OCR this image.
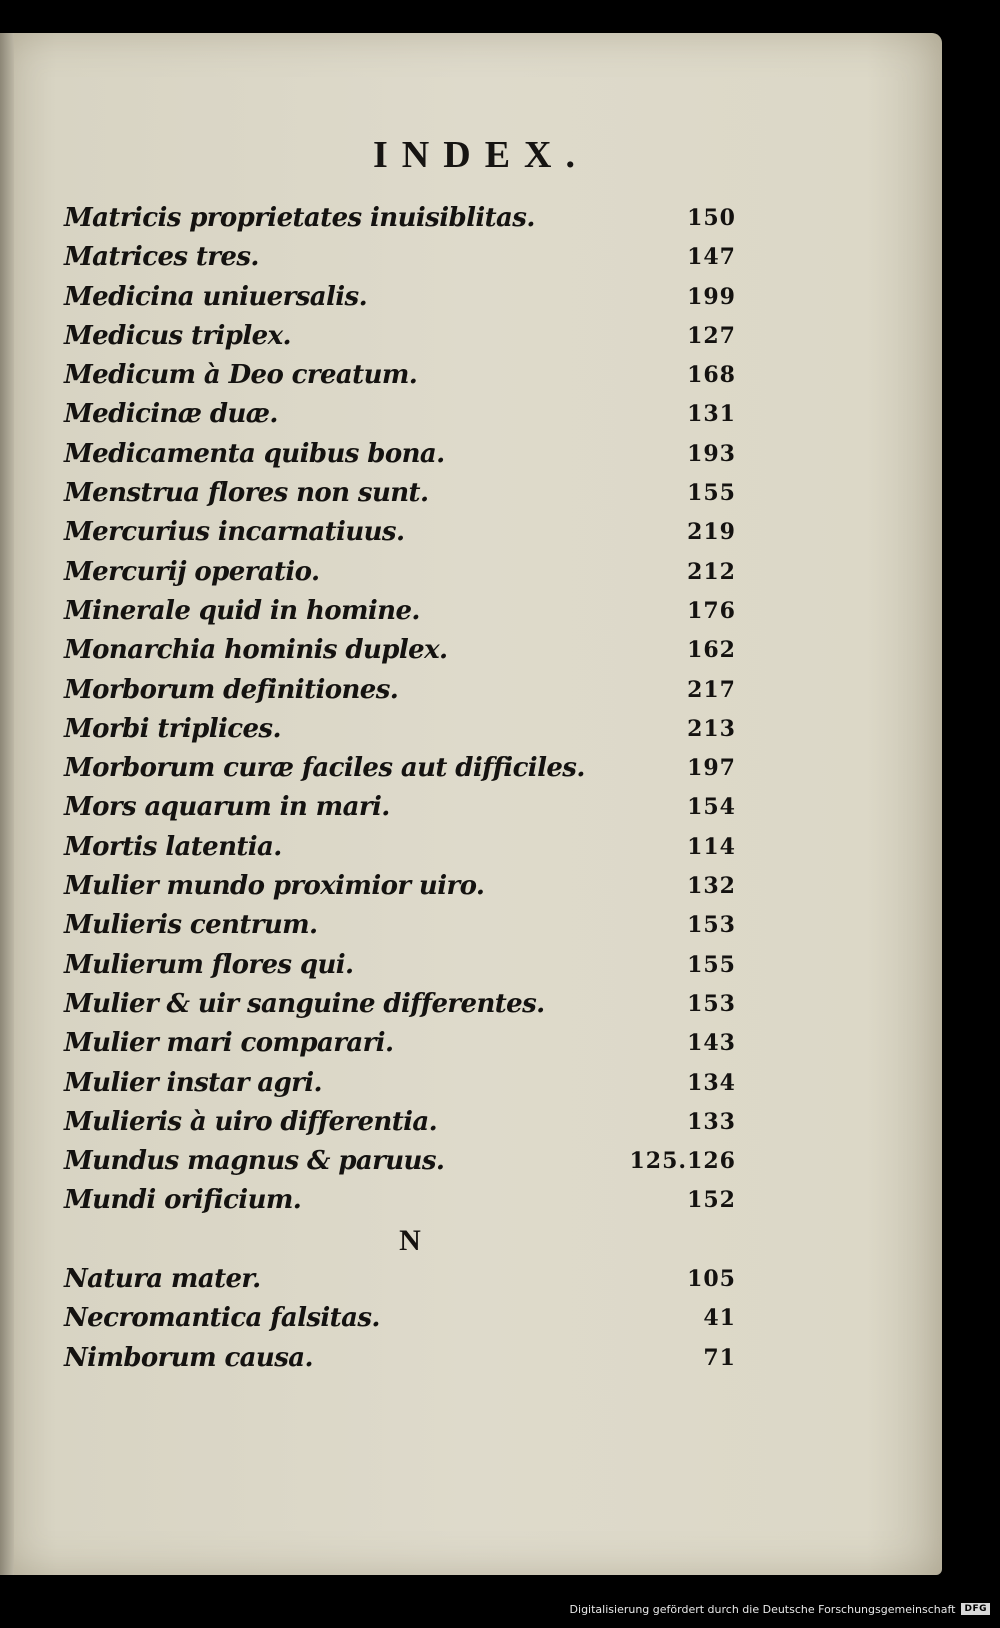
INDEX.
Matricis proprietates inuisiblitas.	150
Matrices tres.	147
Medicina uniuersalis.	199
Medicus triplex.	127
Medicum à Deo creatum.	168
Medicinæ duæ.	131
Medicamenta quibus bona.	193
Menstrua flores non sunt.	155
Mercurius incarnatiuus.	219
Mercurij operatio.	212
Minerale quid in homine.	176
Monarchia hominis duplex.	162
Morborum definitiones.	217
Morbi triplices.	213
Morborum curæ faciles aut difficiles.	197
Mors aquarum in mari.	154
Mortis latentia.	114
Mulier mundo proximior uiro.	132
Mulieris centrum.	153
Mulierum flores qui.	155
Mulier & uir sanguine differentes.	153
Mulier mari comparari.	143
Mulier instar agri.	134
Mulieris à uiro differentia.	133
Mundus magnus & paruus.	125.126
Mundi orificium.	152
N
Natura mater.	105
Necromantica falsitas.	41
Nimborum causa.	71
Digitalisierung gefördert durch die Deutsche Forschungsgemeinschaft	DFG
